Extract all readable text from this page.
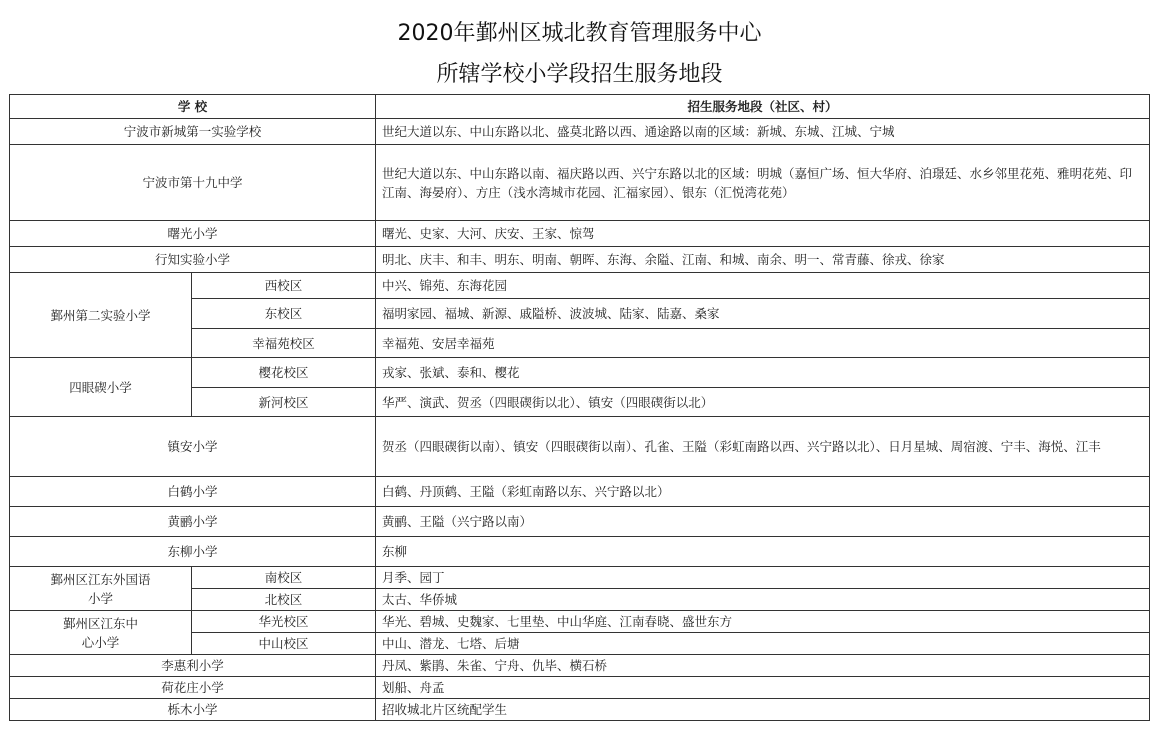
2020年鄞州区城北教育管理服务中心
所辖学校小学段招生服务地段
学 校		招生服务地段（社区、村）
宁波市新城第一实验学校		世纪大道以东、中山东路以北、盛莫北路以西、通途路以南的区域：新城、东城、江城、宁城
宁波市第十九中学		世纪大道以东、中山东路以南、福庆路以西、兴宁东路以北的区域：明城（嘉恒广场、恒大华府、泊璟廷、水乡邻里花苑、雅明花苑、印江南、海晏府）、方庄（浅水湾城市花园、汇福家园）、银东（汇悦湾花苑）
曙光小学		曙光、史家、大河、庆安、王家、惊驾
行知实验小学		明北、庆丰、和丰、明东、明南、朝晖、东海、余隘、江南、和城、南余、明一、常青藤、徐戎、徐家
鄞州第二实验小学	西校区	中兴、锦苑、东海花园
	东校区	福明家园、福城、新源、戚隘桥、波波城、陆家、陆嘉、桑家
	幸福苑校区	幸福苑、安居幸福苑
四眼碶小学	樱花校区	戎家、张斌、泰和、樱花
	新河校区	华严、演武、贺丞（四眼碶街以北）、镇安（四眼碶街以北）
镇安小学		贺丞（四眼碶街以南）、镇安（四眼碶街以南）、孔雀、王隘（彩虹南路以西、兴宁路以北）、日月星城、周宿渡、宁丰、海悦、江丰
白鹤小学		白鹤、丹顶鹤、王隘（彩虹南路以东、兴宁路以北）
黄鹂小学		黄鹂、王隘（兴宁路以南）
东柳小学		东柳
鄞州区江东外国语小学	南校区	月季、园丁
	北校区	太古、华侨城
鄞州区江东中心小学	华光校区	华光、碧城、史魏家、七里垫、中山华庭、江南春晓、盛世东方
	中山校区	中山、潜龙、七塔、后塘
李惠利小学		丹凤、紫鹃、朱雀、宁舟、仇毕、横石桥
荷花庄小学		划船、舟孟
栎木小学		招收城北片区统配学生
